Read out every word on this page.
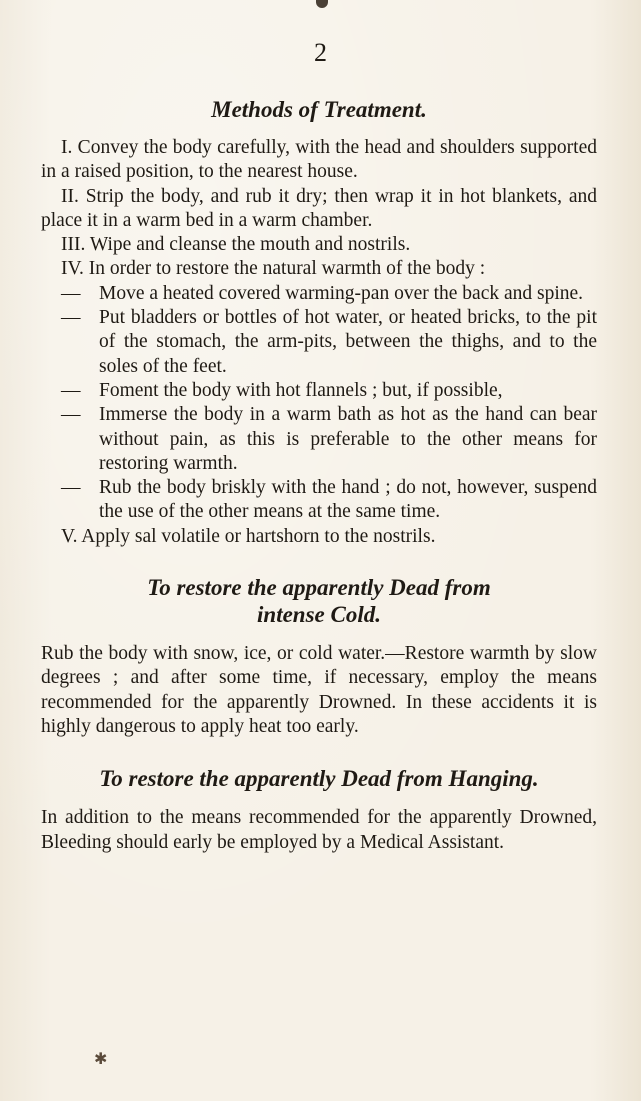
2
Methods of Treatment.

I. Convey the body carefully, with the head and shoulders supported in a raised position, to the nearest house.

II. Strip the body, and rub it dry; then wrap it in hot blankets, and place it in a warm bed in a warm chamber.

III. Wipe and cleanse the mouth and nostrils.

IV. In order to restore the natural warmth of the body :

— Move a heated covered warming-pan over the back and spine.

— Put bladders or bottles of hot water, or heated bricks, to the pit of the stomach, the arm-pits, between the thighs, and to the soles of the feet.

— Foment the body with hot flannels ; but, if possible,

— Immerse the body in a warm bath as hot as the hand can bear without pain, as this is preferable to the other means for restoring warmth.

— Rub the body briskly with the hand ; do not, however, suspend the use of the other means at the same time.

V. Apply sal volatile or hartshorn to the nostrils.

To restore the apparently Dead from
intense Cold.

Rub the body with snow, ice, or cold water.—Restore warmth by slow degrees ; and after some time, if necessary, employ the means recommended for the apparently Drowned. In these accidents it is highly dangerous to apply heat too early.

To restore the apparently Dead from Hanging.

In addition to the means recommended for the apparently Drowned, Bleeding should early be employed by a Medical Assistant.

✱
